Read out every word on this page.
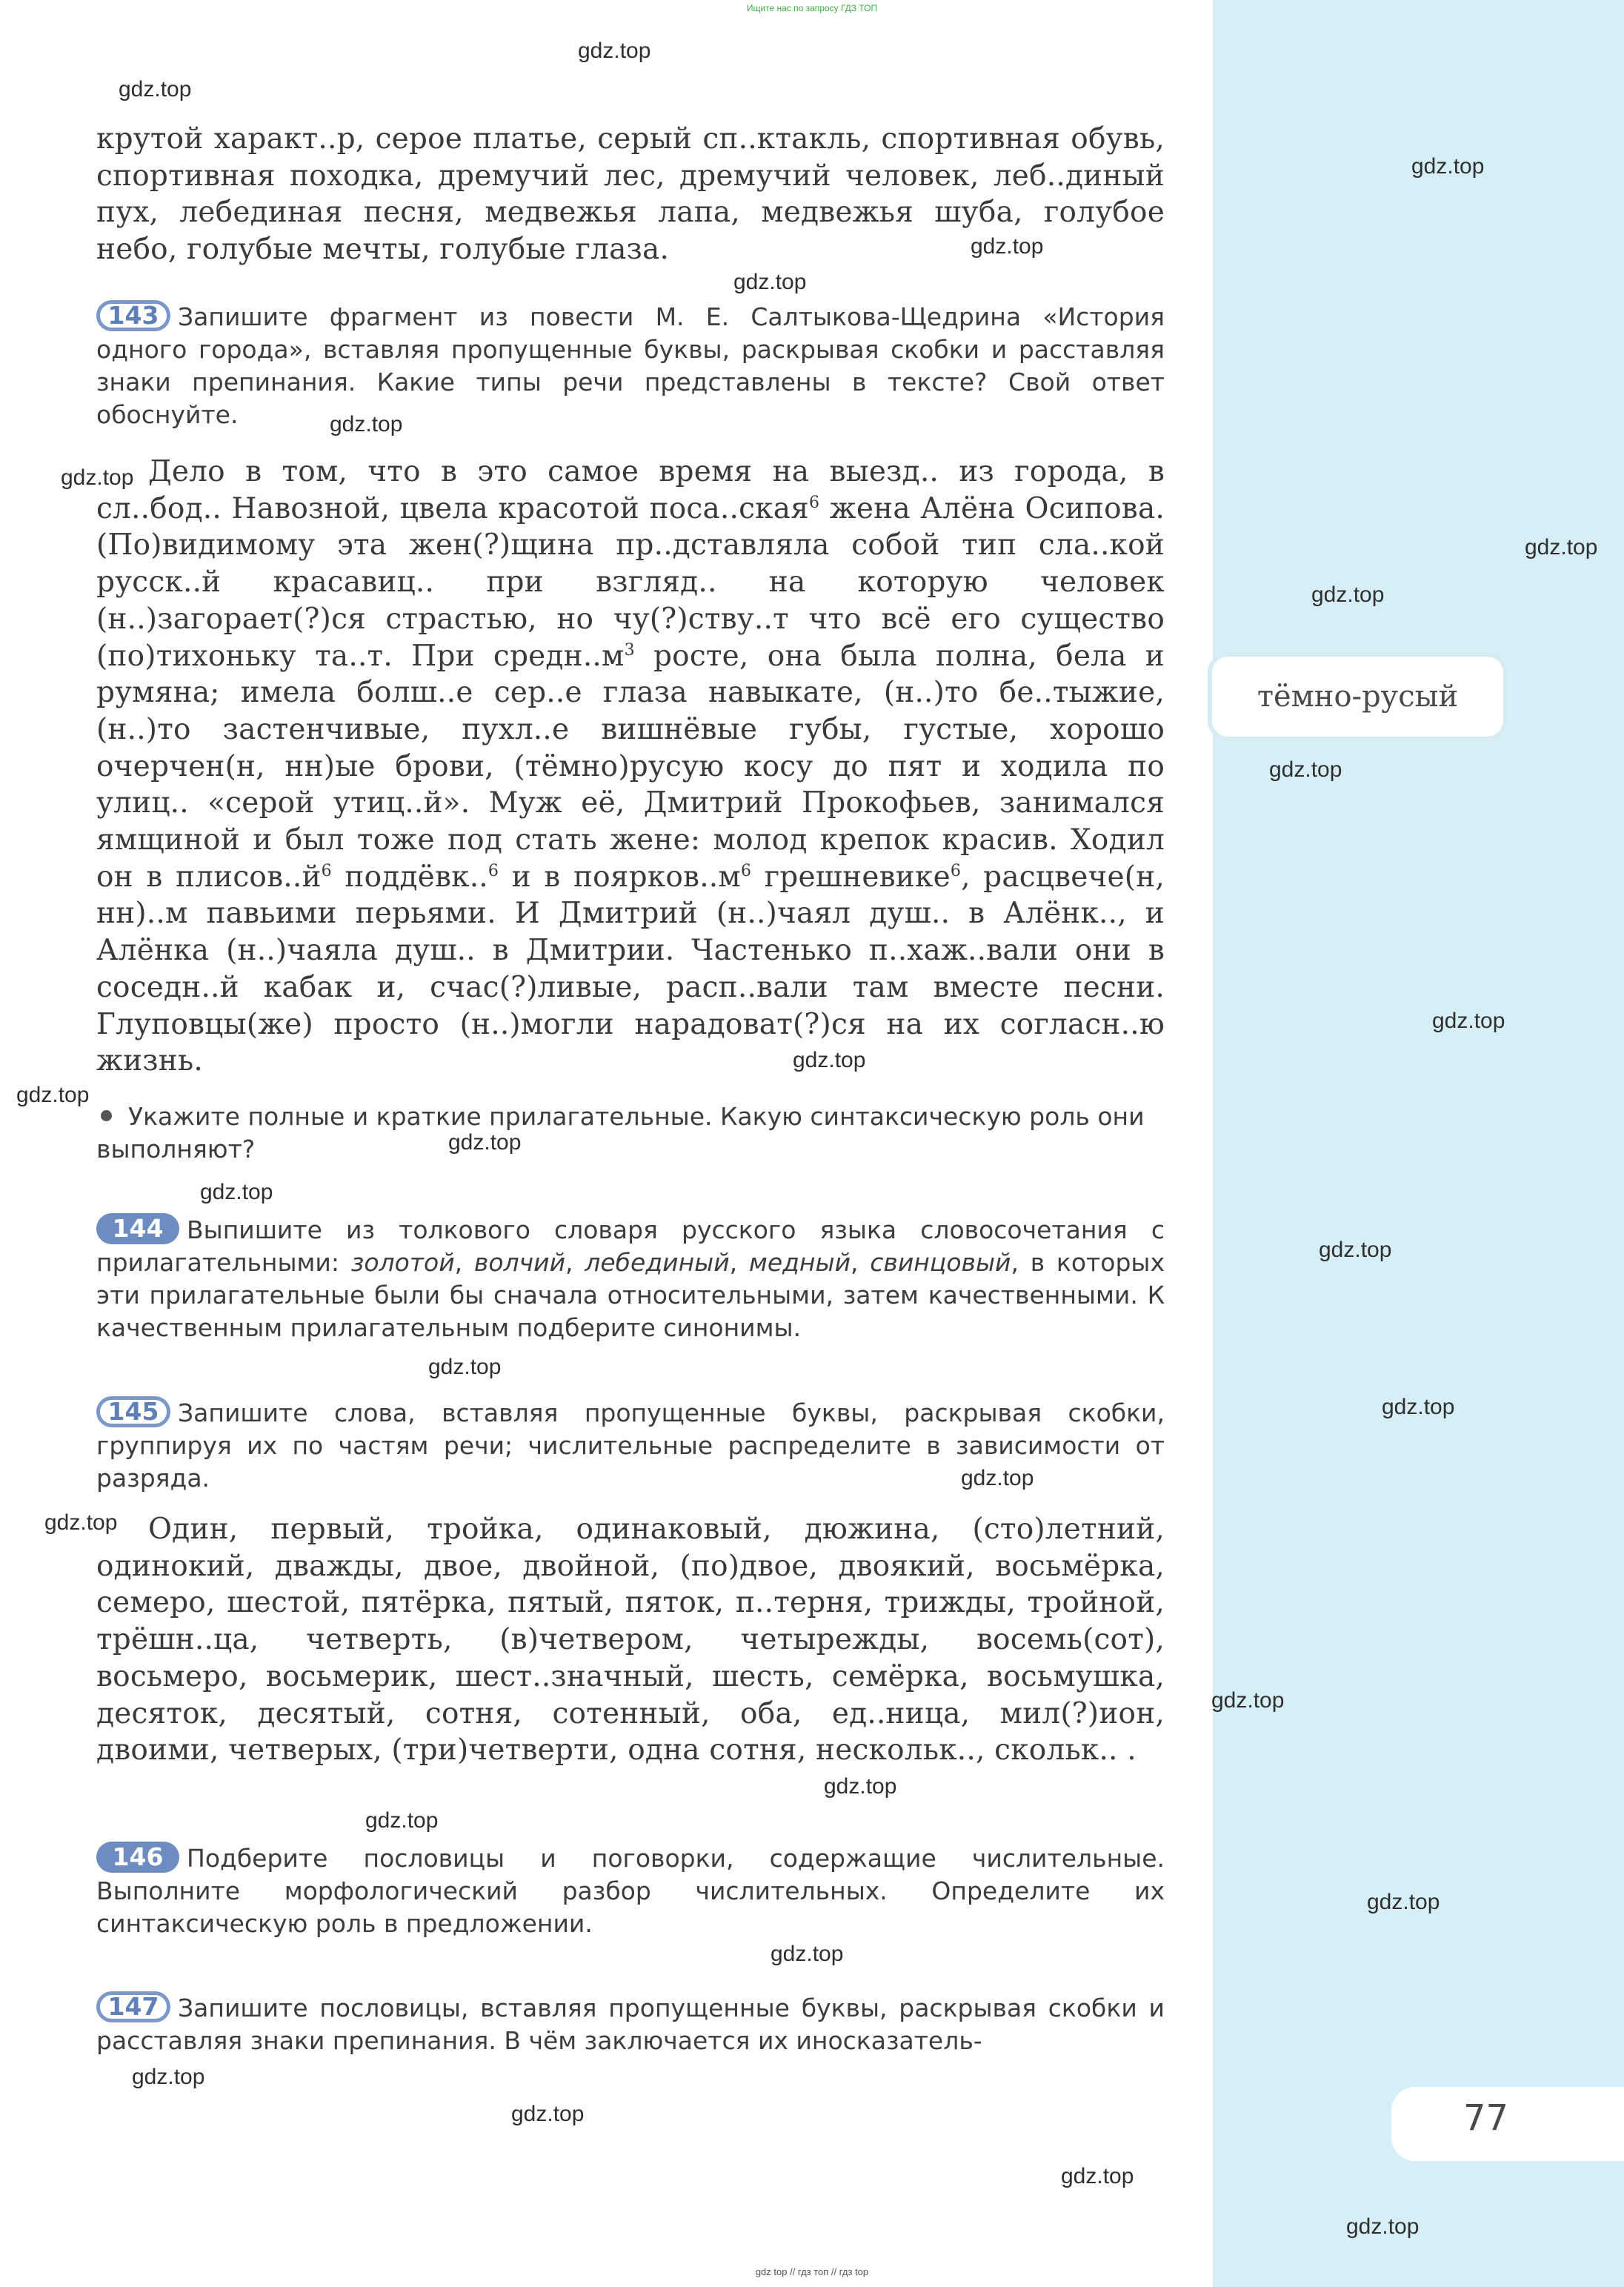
тёмно-русый
77
Ищите нас по запросу ГДЗ ТОП
крутой характ..р, серое платье, серый сп..ктакль, спортивная обувь, спортивная походка, дремучий лес, дремучий человек, леб..диный пух, лебединая песня, медвежья лапа, медвежья шуба, голубое небо, голубые мечты, голубые глаза.
143 Запишите фрагмент из повести М. Е. Салтыкова-Щедрина «История одного города», вставляя пропущенные буквы, раскрывая скобки и расставляя знаки препинания. Какие типы речи представлены в тексте? Свой ответ обоснуйте.
Дело в том, что в это самое время на выезд.. из города, в сл..бод.. Навозной, цвела красотой поса..ская$^6$ жена Алёна Осипова. (По)видимому эта жен(?)щина пр..дставляла собой тип сла..кой русск..й красавиц.. при взгляд.. на которую человек (н..)загорает(?)ся страстью, но чу(?)ству..т что всё его существо (по)тихоньку та..т. При $средн..м^3$ росте, она была полна, бела и румяна; имела болш..е сер..е глаза навыкате, (н..)то бе..тыжие, (н..)то застенчивые, пухл..е вишнёвые губы, густые, хорошо очерчен(н, нн)ые брови, (тёмно)русую косу до пят и ходила по улиц.. «серой утиц..й». Муж её, Дмитрий Прокофьев, занимался ямщиной и был тоже под стать жене: молод крепок красив. Ходил он в $плисов..й^6$ поддёвк..$^6$ и в $поярков..м^6$ грешневике$^6$, расцвече(н, нн)..м павьими перьями. И Дмитрий (н..)чаял душ.. в Алёнк.., и Алёнка (н..)чаяла душ.. в Дмитрии. Частенько п..хаж..вали они в соседн..й кабак и, счас(?)ливые, расп..вали там вместе песни. Глуповцы(же) просто (н..)могли нарадоват(?)ся на их согласн..ю жизнь.
Укажите полные и краткие прилагательные. Какую синтаксическую роль они выполняют?
144 Выпишите из толкового словаря русского языка словосочетания с прилагательными: золотой, волчий, лебединый, медный, свинцовый, в которых эти прилагательные были бы сначала относительными, затем качественными. К качественным прилагательным подберите синонимы.
145 Запишите слова, вставляя пропущенные буквы, раскрывая скобки, группируя их по частям речи; числительные распределите в зависимости от разряда.
Один, первый, тройка, одинаковый, дюжина, (сто)летний, одинокий, дважды, двое, двойной, (по)двое, двоякий, восьмёрка, семеро, шестой, пятёрка, пятый, пяток, п..терня, трижды, тройной, трёшн..ца, четверть, (в)четвером, четырежды, восемь(сот), восьмеро, восьмерик, шест..значный, шесть, семёрка, восьмушка, десяток, десятый, сотня, сотенный, оба, ед..ница, мил(?)ион, двоими, четверых, (три)четверти, одна сотня, нескольк.., скольк.. .
146 Подберите пословицы и поговорки, содержащие числительные. Выполните морфологический разбор числительных. Определите их синтаксическую роль в предложении.
147 Запишите пословицы, вставляя пропущенные буквы, раскрывая скобки и расставляя знаки препинания. В чём заключается их иносказатель-

gdz.top
gdz.top
gdz.top
gdz.top
gdz.top
gdz.top
gdz.top
gdz.top
gdz.top
gdz.top
gdz.top
gdz.top
gdz.top
gdz.top
gdz.top
gdz.top
gdz.top
gdz.top
gdz.top
gdz.top
gdz.top
gdz.top
gdz.top
gdz.top
gdz.top
gdz.top
gdz.top
gdz.top
gdz.top
gdz top // гдз топ // гдз top
